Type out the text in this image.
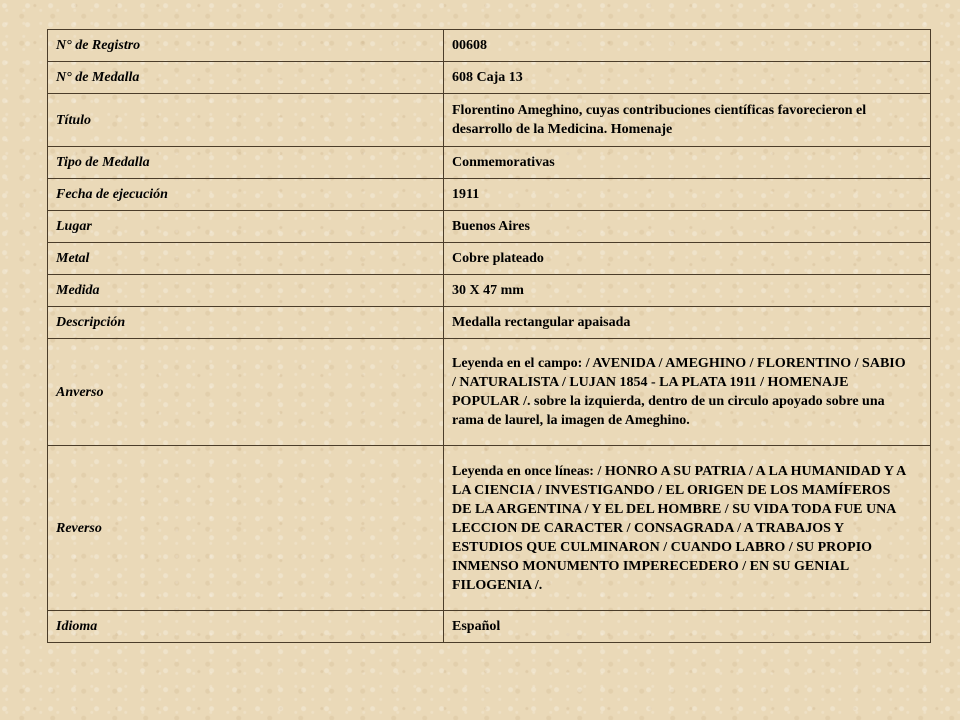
N° de Registro	00608
N° de Medalla	608 Caja 13
Título	Florentino Ameghino, cuyas contribuciones científicas favorecieron el desarrollo de la Medicina. Homenaje
Tipo de Medalla	Conmemorativas
Fecha de ejecución	1911
Lugar	Buenos Aires
Metal	Cobre plateado
Medida	30 X 47 mm
Descripción	Medalla rectangular apaisada
Anverso	Leyenda en el campo: / AVENIDA / AMEGHINO / FLORENTINO / SABIO / NATURALISTA / LUJAN 1854 - LA PLATA 1911 / HOMENAJE POPULAR /. sobre la izquierda, dentro de un circulo apoyado sobre una rama de laurel, la imagen de Ameghino.
Reverso	Leyenda en once líneas: / HONRO A SU PATRIA / A LA HUMANIDAD Y A LA CIENCIA / INVESTIGANDO / EL ORIGEN DE LOS MAMÍFEROS DE LA ARGENTINA / Y EL DEL HOMBRE / SU VIDA TODA FUE UNA LECCION DE CARACTER / CONSAGRADA / A TRABAJOS Y ESTUDIOS QUE CULMINARON / CUANDO LABRO / SU PROPIO INMENSO MONUMENTO IMPERECEDERO / EN SU GENIAL FILOGENIA /.
Idioma	Español
